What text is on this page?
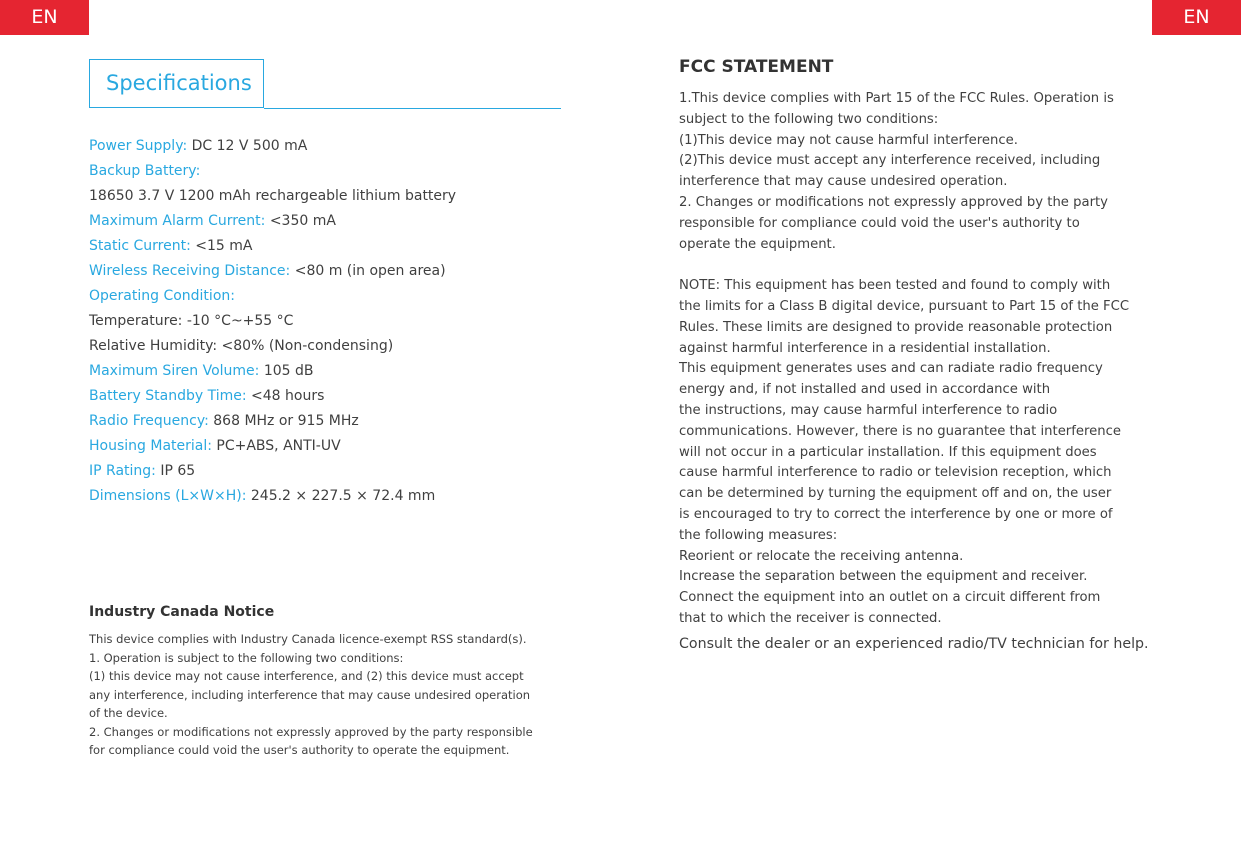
EN	EN
Specifications
Power Supply: DC 12 V 500 mA
Backup Battery:
18650 3.7 V 1200 mAh rechargeable lithium battery
Maximum Alarm Current: <350 mA
Static Current: <15 mA
Wireless Receiving Distance: <80 m (in open area)
Operating Condition:
Temperature: -10 °C~+55 °C
Relative Humidity: <80% (Non-condensing)
Maximum Siren Volume: 105 dB
Battery Standby Time: <48 hours
Radio Frequency: 868 MHz or 915 MHz
Housing Material: PC+ABS, ANTI-UV
IP Rating: IP 65
Dimensions (L×W×H): 245.2 × 227.5 × 72.4 mm
Industry Canada Notice
This device complies with Industry Canada licence-exempt RSS standard(s).
1. Operation is subject to the following two conditions:
(1) this device may not cause interference, and (2) this device must accept
any interference, including interference that may cause undesired operation
of the device.
2. Changes or modifications not expressly approved by the party responsible
for compliance could void the user's authority to operate the equipment.
FCC STATEMENT
1.This device complies with Part 15 of the FCC Rules. Operation is
subject to the following two conditions:
(1)This device may not cause harmful interference.
(2)This device must accept any interference received, including
interference that may cause undesired operation.
2. Changes or modifications not expressly approved by the party
responsible for compliance could void the user's authority to
operate the equipment.
NOTE: This equipment has been tested and found to comply with
the limits for a Class B digital device, pursuant to Part 15 of the FCC
Rules. These limits are designed to provide reasonable protection
against harmful interference in a residential installation.
This equipment generates uses and can radiate radio frequency
energy and, if not installed and used in accordance with
the instructions, may cause harmful interference to radio
communications. However, there is no guarantee that interference
will not occur in a particular installation. If this equipment does
cause harmful interference to radio or television reception, which
can be determined by turning the equipment off and on, the user
is encouraged to try to correct the interference by one or more of
the following measures:
Reorient or relocate the receiving antenna.
Increase the separation between the equipment and receiver.
Connect the equipment into an outlet on a circuit different from
that to which the receiver is connected.
Consult the dealer or an experienced radio/TV technician for help.
